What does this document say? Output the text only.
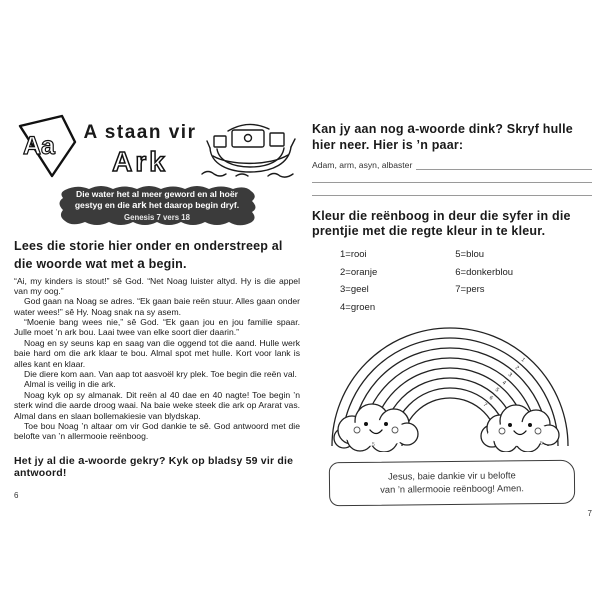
Aa A staan vir
Ark
Die water het al meer geword en al hoër
gestyg en die ark het daarop begin dryf.
Genesis 7 vers 18
Lees die storie hier onder en onderstreep al die woorde wat met a begin.

“Ai, my kinders is stout!” sê God. “Net Noag luister altyd. Hy is die appel van my oog.”

God gaan na Noag se adres. “Ek gaan baie reën stuur. Alles gaan onder water wees!” sê Hy. Noag snak na sy asem.

“Moenie bang wees nie,” sê God. “Ek gaan jou en jou familie spaar. Julle moet ’n ark bou. Laai twee van elke soort dier daarin.”

Noag en sy seuns kap en saag van die oggend tot die aand. Hulle werk baie hard om die ark klaar te bou. Almal spot met hulle. Kort voor lank is alles kant en klaar.

Die diere kom aan. Van aap tot aasvoël kry plek. Toe begin die reën val.

Almal is veilig in die ark.

Noag kyk op sy almanak. Dit reën al 40 dae en 40 nagte! Toe begin ’n sterk wind die aarde droog waai. Na baie weke steek die ark op Ararat vas. Almal dans en slaan bollemakiesie van blydskap.

Toe bou Noag ’n altaar om vir God dankie te sê. God antwoord met die belofte van ’n allermooie reënboog.

Het jy al die a-woorde gekry? Kyk op bladsy 59 vir die antwoord!
6
Kan jy aan nog a-woorde dink? Skryf hulle hier neer. Hier is ’n paar:
Adam, arm, asyn, albaster
Kleur die reënboog in deur die syfer in die prentjie met die regte kleur in te kleur.
1=rooi
2=oranje
3=geel
4=groen
5=blou
6=donkerblou
7=pers
5	5
1
2
3
4
5
6
7
Jesus, baie dankie vir u belofte
van ’n allermooie reënboog! Amen.
7
